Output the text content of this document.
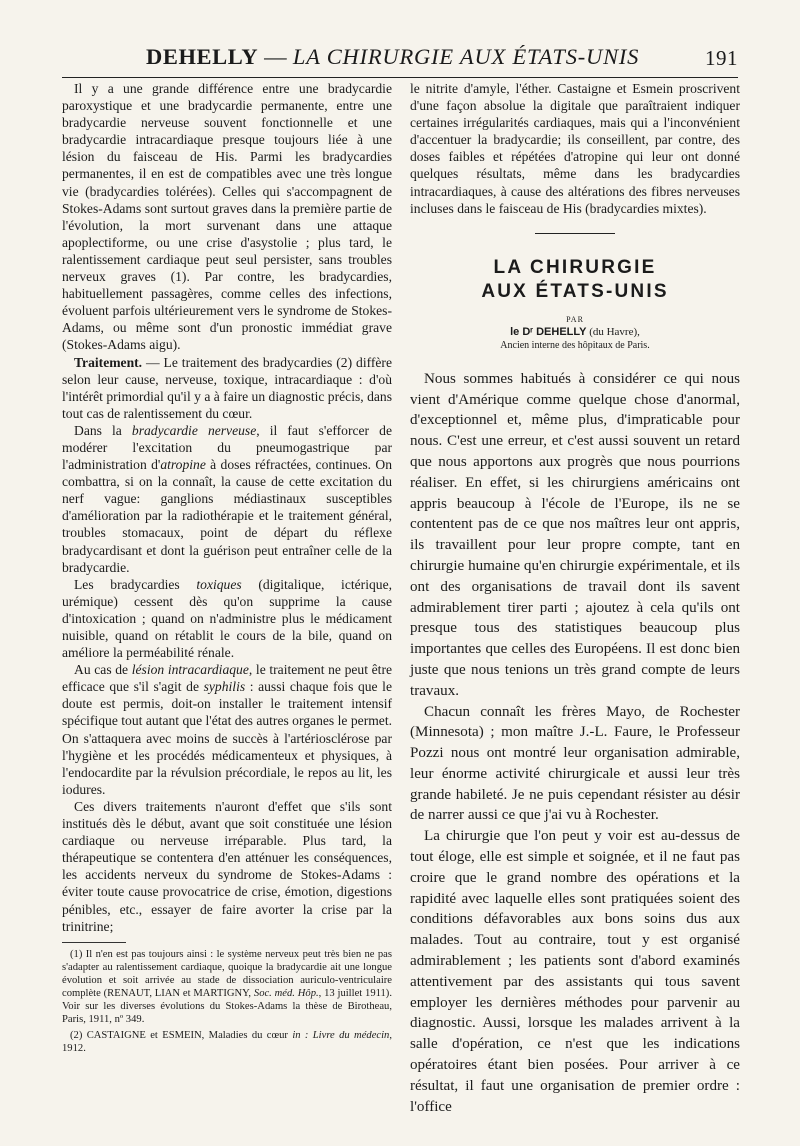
DEHELLY — LA CHIRURGIE AUX ÉTATS-UNIS	191

Il y a une grande différence entre une bradycardie paroxystique et une bradycardie permanente, entre une bradycardie nerveuse souvent fonctionnelle et une bradycardie intracardiaque presque toujours liée à une lésion du faisceau de His. Parmi les bradycardies permanentes, il en est de compatibles avec une très longue vie (bradycardies tolérées). Celles qui s'accompagnent de Stokes-Adams sont surtout graves dans la première partie de l'évolution, la mort survenant dans une attaque apoplectiforme, ou une crise d'asystolie ; plus tard, le ralentissement cardiaque peut seul persister, sans troubles nerveux graves (1). Par contre, les bradycardies, habituellement passagères, comme celles des infections, évoluent parfois ultérieurement vers le syndrome de Stokes-Adams, ou même sont d'un pronostic immédiat grave (Stokes-Adams aigu).

Traitement. — Le traitement des bradycardies (2) diffère selon leur cause, nerveuse, toxique, intracardiaque : d'où l'intérêt primordial qu'il y a à faire un diagnostic précis, dans tout cas de ralentissement du cœur.

Dans la bradycardie nerveuse, il faut s'efforcer de modérer l'excitation du pneumogastrique par l'administration d'atropine à doses réfractées, continues. On combattra, si on la connaît, la cause de cette excitation du nerf vague: ganglions médiastinaux susceptibles d'amélioration par la radiothérapie et le traitement général, troubles stomacaux, point de départ du réflexe bradycardisant et dont la guérison peut entraîner celle de la bradycardie.

Les bradycardies toxiques (digitalique, ictérique, urémique) cessent dès qu'on supprime la cause d'intoxication ; quand on n'administre plus le médicament nuisible, quand on rétablit le cours de la bile, quand on améliore la perméabilité rénale.

Au cas de lésion intracardiaque, le traitement ne peut être efficace que s'il s'agit de syphilis : aussi chaque fois que le doute est permis, doit-on installer le traitement intensif spécifique tout autant que l'état des autres organes le permet. On s'attaquera avec moins de succès à l'artériosclérose par l'hygiène et les procédés médicamenteux et physiques, à l'endocardite par la révulsion précordiale, le repos au lit, les iodures.

Ces divers traitements n'auront d'effet que s'ils sont institués dès le début, avant que soit constituée une lésion cardiaque ou nerveuse irréparable. Plus tard, la thérapeutique se contentera d'en atténuer les conséquences, les accidents nerveux du syndrome de Stokes-Adams : éviter toute cause provocatrice de crise, émotion, digestions pénibles, etc., essayer de faire avorter la crise par la trinitrine;

(1) Il n'en est pas toujours ainsi : le système nerveux peut très bien ne pas s'adapter au ralentissement cardiaque, quoique la bradycardie ait une longue évolution et soit arrivée au stade de dissociation auriculo-ventriculaire complète (RENAUT, LIAN et MARTIGNY, Soc. méd. Hôp., 13 juillet 1911). Voir sur les diverses évolutions du Stokes-Adams la thèse de Birotheau, Paris, 1911, nº 349.

(2) CASTAIGNE et ESMEIN, Maladies du cœur in : Livre du médecin, 1912.

le nitrite d'amyle, l'éther. Castaigne et Esmein proscrivent d'une façon absolue la digitale que paraîtraient indiquer certaines irrégularités cardiaques, mais qui a l'inconvénient d'accentuer la bradycardie; ils conseillent, par contre, des doses faibles et répétées d'atropine qui leur ont donné quelques résultats, même dans les bradycardies intracardiaques, à cause des altérations des fibres nerveuses incluses dans le faisceau de His (bradycardies mixtes).

LA CHIRURGIE

AUX ÉTATS-UNIS

PAR

le Dʳ DEHELLY (du Havre),

Ancien interne des hôpitaux de Paris.

Nous sommes habitués à considérer ce qui nous vient d'Amérique comme quelque chose d'anormal, d'exceptionnel et, même plus, d'impraticable pour nous. C'est une erreur, et c'est aussi souvent un retard que nous apportons aux progrès que nous pourrions réaliser. En effet, si les chirurgiens américains ont appris beaucoup à l'école de l'Europe, ils ne se contentent pas de ce que nos maîtres leur ont appris, ils travaillent pour leur propre compte, tant en chirurgie humaine qu'en chirurgie expérimentale, et ils ont des organisations de travail dont ils savent admirablement tirer parti ; ajoutez à cela qu'ils ont presque tous des statistiques beaucoup plus importantes que celles des Européens. Il est donc bien juste que nous tenions un très grand compte de leurs travaux.

Chacun connaît les frères Mayo, de Rochester (Minnesota) ; mon maître J.-L. Faure, le Professeur Pozzi nous ont montré leur organisation admirable, leur énorme activité chirurgicale et aussi leur très grande habileté. Je ne puis cependant résister au désir de narrer aussi ce que j'ai vu à Rochester.

La chirurgie que l'on peut y voir est au-dessus de tout éloge, elle est simple et soignée, et il ne faut pas croire que le grand nombre des opérations et la rapidité avec laquelle elles sont pratiquées soient des conditions défavorables aux bons soins dus aux malades. Tout au contraire, tout y est organisé admirablement ; les patients sont d'abord examinés attentivement par des assistants qui tous savent employer les dernières méthodes pour parvenir au diagnostic. Aussi, lorsque les malades arrivent à la salle d'opération, ce n'est que les indications opératoires étant bien posées. Pour arriver à ce résultat, il faut une organisation de premier ordre : l'office
